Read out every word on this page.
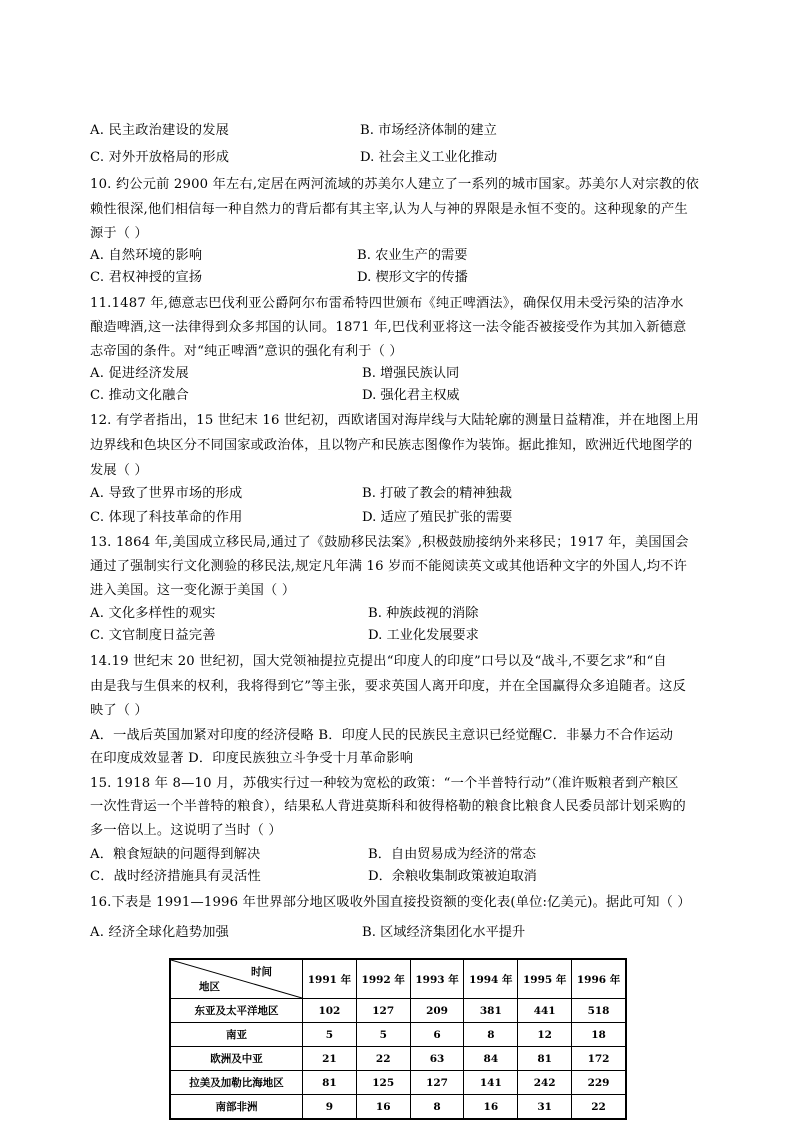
A. 民主政治建设的发展	B. 市场经济体制的建立
C. 对外开放格局的形成	D. 社会主义工业化推动
10. 约公元前 2900 年左右,定居在两河流域的苏美尔人建立了一系列的城市国家。苏美尔人对宗教的依
赖性很深,他们相信每一种自然力的背后都有其主宰,认为人与神的界限是永恒不变的。这种现象的产生
源于（ ）
A. 自然环境的影响	B. 农业生产的需要
C. 君权神授的宣扬	D. 楔形文字的传播
11.1487 年,德意志巴伐利亚公爵阿尔布雷希特四世颁布《纯正啤酒法》，确保仅用未受污染的洁净水
酿造啤酒,这一法律得到众多邦国的认同。1871 年,巴伐利亚将这一法令能否被接受作为其加入新德意
志帝国的条件。对“纯正啤酒”意识的强化有利于（ ）
A. 促进经济发展	B. 增强民族认同
C. 推动文化融合	D. 强化君主权威
12. 有学者指出，15 世纪末 16 世纪初，西欧诸国对海岸线与大陆轮廓的测量日益精准，并在地图上用
边界线和色块区分不同国家或政治体，且以物产和民族志图像作为装饰。据此推知，欧洲近代地图学的
发展（ ）
A. 导致了世界市场的形成	B. 打破了教会的精神独裁
C. 体现了科技革命的作用	D. 适应了殖民扩张的需要
13. 1864 年,美国成立移民局,通过了《鼓励移民法案》,积极鼓励接纳外来移民；1917 年，美国国会
通过了强制实行文化测验的移民法,规定凡年满 16 岁而不能阅读英文或其他语种文字的外国人,均不许
进入美国。这一变化源于美国（ ）
A. 文化多样性的观实	B. 种族歧视的消除
C. 文官制度日益完善	D. 工业化发展要求
14.19 世纪末 20 世纪初，国大党领袖提拉克提出“印度人的印度”口号以及“战斗,不要乞求”和“自
由是我与生俱来的权利，我将得到它”等主张，要求英国人离开印度，并在全国赢得众多追随者。这反
映了（ ）
A．一战后英国加紧对印度的经济侵略 B．印度人民的民族民主意识已经觉醒C．非暴力不合作运动
在印度成效显著 D．印度民族独立斗争受十月革命影响
15. 1918 年 8—10 月，苏俄实行过一种较为宽松的政策：“一个半普特行动”（准许贩粮者到产粮区
一次性背运一个半普特的粮食），结果私人背进莫斯科和彼得格勒的粮食比粮食人民委员部计划采购的
多一倍以上。这说明了当时（ ）
A．粮食短缺的问题得到解决	B．自由贸易成为经济的常态
C．战时经济措施具有灵活性	D．余粮收集制政策被迫取消
16.下表是 1991—1996 年世界部分地区吸收外国直接投资额的变化表(单位:亿美元)。据此可知（ ）
A. 经济全球化趋势加强	B. 区域经济集团化水平提升
时间
地区	1991 年	1992 年	1993 年	1994 年	1995 年	1996 年
东亚及太平洋地区	102	127	209	381	441	518
南亚	5	5	6	8	12	18
欧洲及中亚	21	22	63	84	81	172
拉美及加勒比海地区	81	125	127	141	242	229
南部非洲	9	16	8	16	31	22
